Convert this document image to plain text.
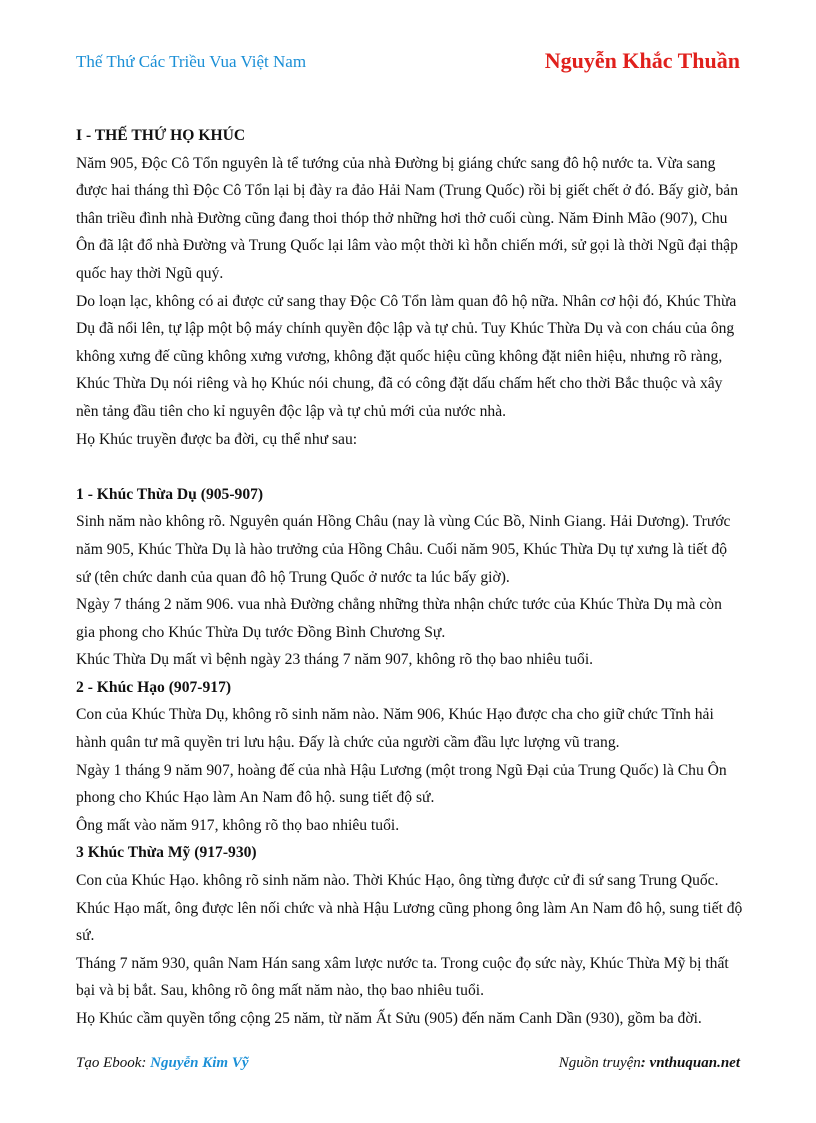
Thế Thứ Các Triều Vua Việt Nam	Nguyễn Khắc Thuần

I - THẾ THỨ HỌ KHÚC

Năm 905, Độc Cô Tổn nguyên là tể tướng của nhà Đường bị giáng chức sang đô hộ nước ta. Vừa sang được hai tháng thì Độc Cô Tổn lại bị đày ra đảo Hải Nam (Trung Quốc) rồi bị giết chết ở đó. Bấy giờ, bản thân triều đình nhà Đường cũng đang thoi thóp thở những hơi thở cuối cùng. Năm Đinh Mão (907), Chu Ôn đã lật đổ nhà Đường và Trung Quốc lại lâm vào một thời kì hỗn chiến mới, sử gọi là thời Ngũ đại thập quốc hay thời Ngũ quý.

Do loạn lạc, không có ai được cử sang thay Độc Cô Tổn làm quan đô hộ nữa. Nhân cơ hội đó, Khúc Thừa Dụ đã nổi lên, tự lập một bộ máy chính quyền độc lập và tự chủ. Tuy Khúc Thừa Dụ và con cháu của ông không xưng đế cũng không xưng vương, không đặt quốc hiệu cũng không đặt niên hiệu, nhưng rõ ràng, Khúc Thừa Dụ nói riêng và họ Khúc nói chung, đã có công đặt dấu chấm hết cho thời Bắc thuộc và xây nền tảng đầu tiên cho kỉ nguyên độc lập và tự chủ mới của nước nhà.

Họ Khúc truyền được ba đời, cụ thể như sau:

1 - Khúc Thừa Dụ (905-907)

Sinh năm nào không rõ. Nguyên quán Hồng Châu (nay là vùng Cúc Bồ, Ninh Giang. Hải Dương). Trước năm 905, Khúc Thừa Dụ là hào trưởng của Hồng Châu. Cuối năm 905, Khúc Thừa Dụ tự xưng là tiết độ sứ (tên chức danh của quan đô hộ Trung Quốc ở nước ta lúc bấy giờ).

Ngày 7 tháng 2 năm 906. vua nhà Đường chẳng những thừa nhận chức tước của Khúc Thừa Dụ mà còn gia phong cho Khúc Thừa Dụ tước Đồng Bình Chương Sự.

Khúc Thừa Dụ mất vì bệnh ngày 23 tháng 7 năm 907, không rõ thọ bao nhiêu tuổi.

2 - Khúc Hạo (907-917)

Con của Khúc Thừa Dụ, không rõ sinh năm nào. Năm 906, Khúc Hạo được cha cho giữ chức Tĩnh hải hành quân tư mã quyền tri lưu hậu. Đấy là chức của người cầm đầu lực lượng vũ trang.

Ngày 1 tháng 9 năm 907, hoàng đế của nhà Hậu Lương (một trong Ngũ Đại của Trung Quốc) là Chu Ôn phong cho Khúc Hạo làm An Nam đô hộ. sung tiết độ sứ.

Ông mất vào năm 917, không rõ thọ bao nhiêu tuổi.

3 Khúc Thừa Mỹ (917-930)

Con của Khúc Hạo. không rõ sinh năm nào. Thời Khúc Hạo, ông từng được cử đi sứ sang Trung Quốc. Khúc Hạo mất, ông được lên nối chức và nhà Hậu Lương cũng phong ông làm An Nam đô hộ, sung tiết độ sứ.

Tháng 7 năm 930, quân Nam Hán sang xâm lược nước ta. Trong cuộc đọ sức này, Khúc Thừa Mỹ bị thất bại và bị bắt. Sau, không rõ ông mất năm nào, thọ bao nhiêu tuổi.

Họ Khúc cầm quyền tổng cộng 25 năm, từ năm Ất Sửu (905) đến năm Canh Dần (930), gồm ba đời.

Tạo Ebook: Nguyễn Kim Vỹ	Nguồn truyện: vnthuquan.net
